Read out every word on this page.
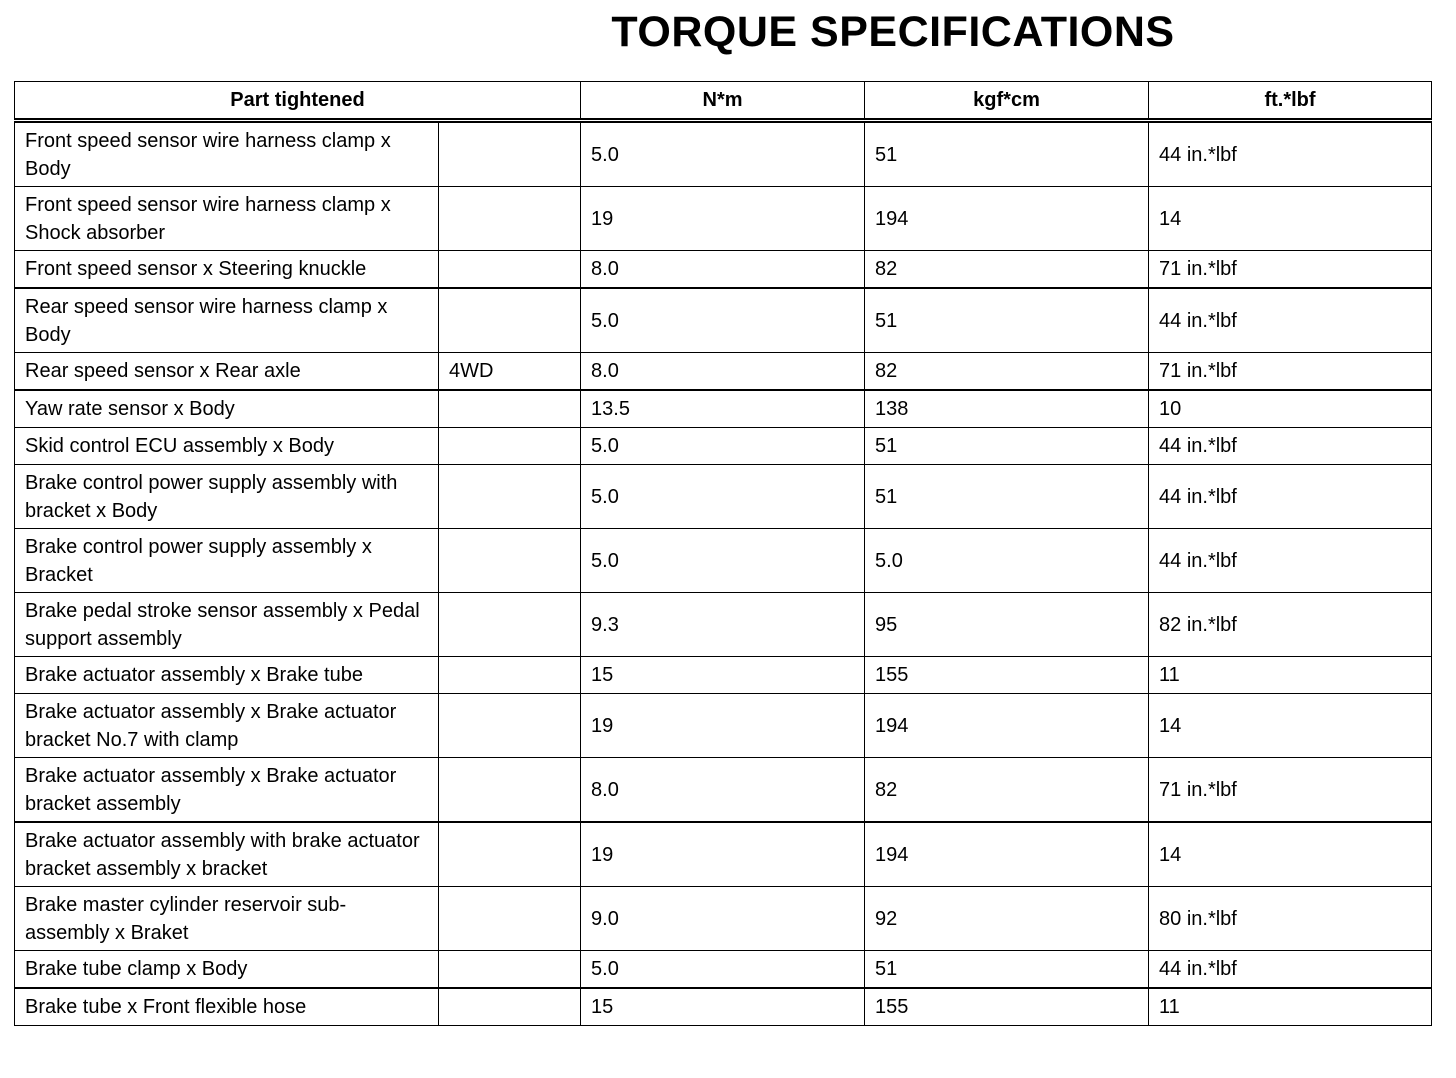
TORQUE SPECIFICATIONS
Part tightened		N*m	kgf*cm	ft.*lbf
Front speed sensor wire harness clamp x Body		5.0	51	44 in.*lbf
Front speed sensor wire harness clamp x Shock absorber		19	194	14
Front speed sensor x Steering knuckle		8.0	82	71 in.*lbf
Rear speed sensor wire harness clamp x Body		5.0	51	44 in.*lbf
Rear speed sensor x Rear axle	4WD	8.0	82	71 in.*lbf
Yaw rate sensor x Body		13.5	138	10
Skid control ECU assembly x Body		5.0	51	44 in.*lbf
Brake control power supply assembly with bracket x Body		5.0	51	44 in.*lbf
Brake control power supply assembly x Bracket		5.0	5.0	44 in.*lbf
Brake pedal stroke sensor assembly x Pedal support assembly		9.3	95	82 in.*lbf
Brake actuator assembly x Brake tube		15	155	11
Brake actuator assembly x Brake actuator bracket No.7 with clamp		19	194	14
Brake actuator assembly x Brake actuator bracket assembly		8.0	82	71 in.*lbf
Brake actuator assembly with brake actuator bracket assembly x bracket		19	194	14
Brake master cylinder reservoir sub-assembly x Braket		9.0	92	80 in.*lbf
Brake tube clamp x Body		5.0	51	44 in.*lbf
Brake tube x Front flexible hose		15	155	11
